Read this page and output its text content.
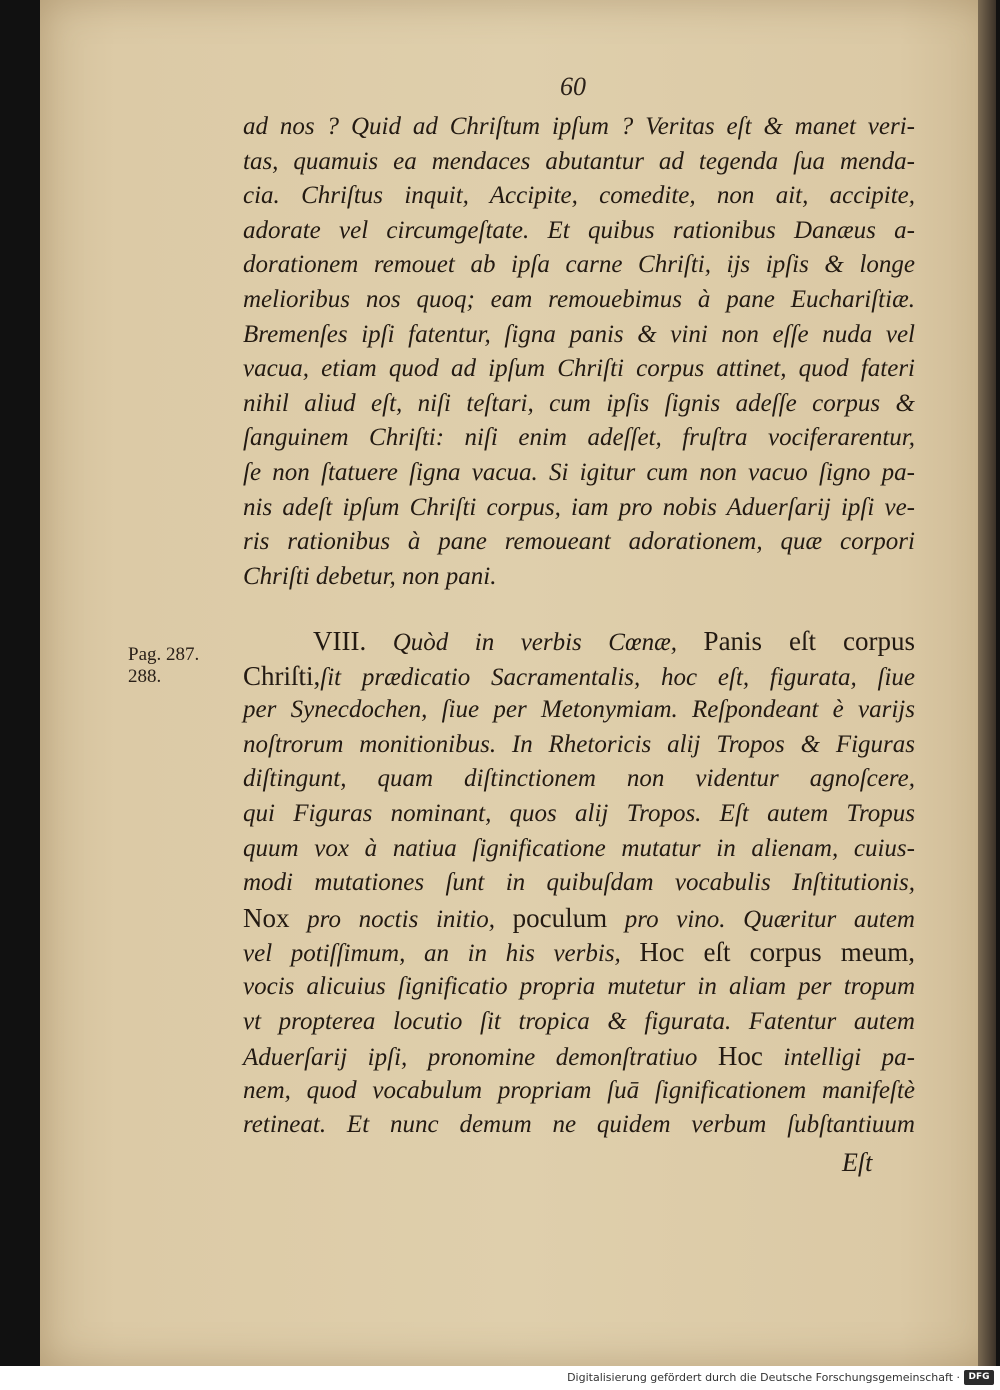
60
ad nos ? Quid ad Chriſtum ipſum ? Veritas eſt & manet veri-
tas, quamuis ea mendaces abutantur ad tegenda ſua menda-
cia. Chriſtus inquit, Accipite, comedite, non ait, accipite,
adorate vel circumgeſtate. Et quibus rationibus Danæus a-
dorationem remouet ab ipſa carne Chriſti, ijs ipſis & longe
melioribus nos quoq; eam remouebimus à pane Euchariſtiæ.
Bremenſes ipſi fatentur, ſigna panis & vini non eſſe nuda vel
vacua, etiam quod ad ipſum Chriſti corpus attinet, quod fateri
nihil aliud eſt, niſi teſtari, cum ipſis ſignis adeſſe corpus &
ſanguinem Chriſti: niſi enim adeſſet, fruſtra vociferarentur,
ſe non ſtatuere ſigna vacua. Si igitur cum non vacuo ſigno pa-
nis adeſt ipſum Chriſti corpus, iam pro nobis Aduerſarij ipſi ve-
ris rationibus à pane remoueant adorationem, quæ corpori
Chriſti debetur, non pani.
Pag. 287.
288.
VIII. Quòd in verbis Cœnæ, Panis eſt corpus
Chriſti,ſit prædicatio Sacramentalis, hoc eſt, figurata, ſiue
per Synecdochen, ſiue per Metonymiam. Reſpondeant è varijs
noſtrorum monitionibus. In Rhetoricis alij Tropos & Figuras
diſtingunt, quam diſtinctionem non videntur agnoſcere,
qui Figuras nominant, quos alij Tropos. Eſt autem Tropus
quum vox à natiua ſignificatione mutatur in alienam, cuius-
modi mutationes ſunt in quibuſdam vocabulis Inſtitutionis,
Nox pro noctis initio, poculum pro vino. Quæritur autem
vel potiſſimum, an in his verbis, Hoc eſt corpus meum,
vocis alicuius ſignificatio propria mutetur in aliam per tropum
vt propterea locutio ſit tropica & figurata. Fatentur autem
Aduerſarij ipſi, pronomine demonſtratiuo Hoc intelligi pa-
nem, quod vocabulum propriam ſuā ſignificationem manifeſtè
retineat. Et nunc demum ne quidem verbum ſubſtantiuum
Eſt
Digitalisierung gefördert durch die Deutsche Forschungsgemeinschaft · DFG
